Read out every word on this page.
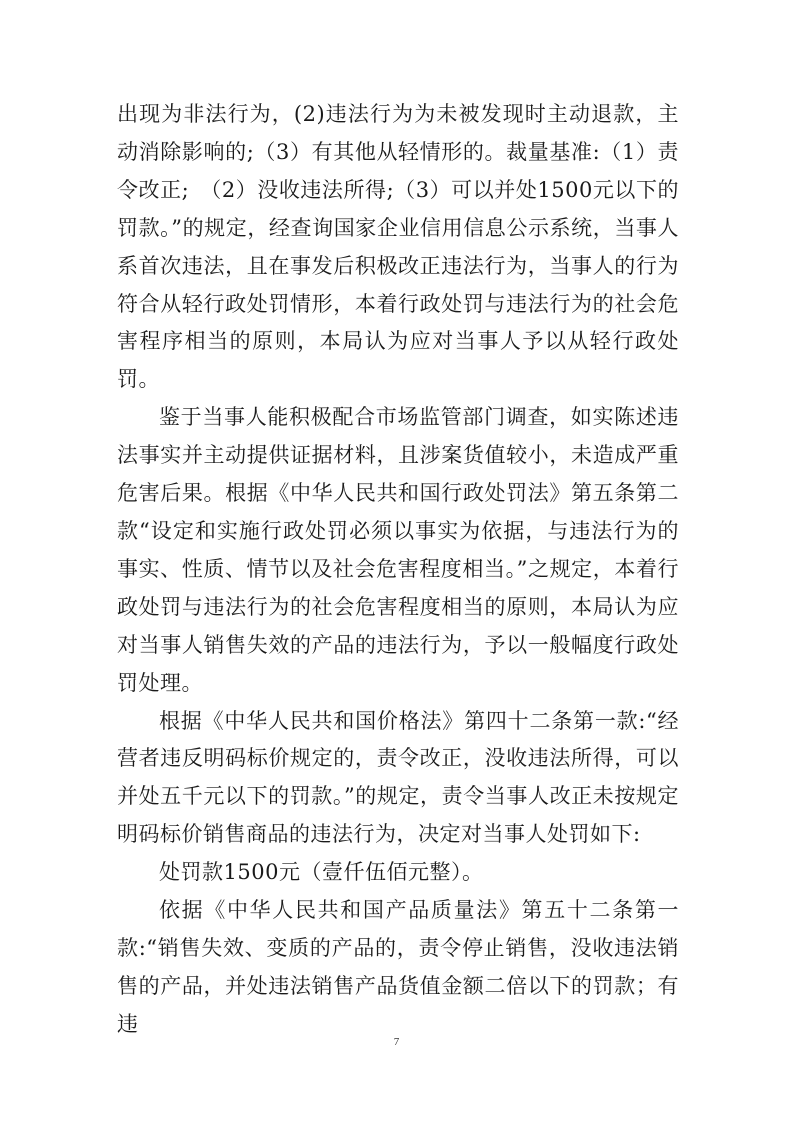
出现为非法行为，(2)违法行为为未被发现时主动退款，主动消除影响的;（3）有其他从轻情形的。裁量基准:（1）责令改正;　（2）没收违法所得;（3）可以并处1500元以下的罚款。”的规定，经查询国家企业信用信息公示系统，当事人系首次违法，且在事发后积极改正违法行为，当事人的行为符合从轻行政处罚情形，本着行政处罚与违法行为的社会危害程序相当的原则，本局认为应对当事人予以从轻行政处罚。

鉴于当事人能积极配合市场监管部门调查，如实陈述违法事实并主动提供证据材料，且涉案货值较小，未造成严重危害后果。根据《中华人民共和国行政处罚法》第五条第二款“设定和实施行政处罚必须以事实为依据，与违法行为的事实、性质、情节以及社会危害程度相当。”之规定，本着行政处罚与违法行为的社会危害程度相当的原则，本局认为应对当事人销售失效的产品的违法行为，予以一般幅度行政处罚处理。

根据《中华人民共和国价格法》第四十二条第一款:“经营者违反明码标价规定的，责令改正，没收违法所得，可以并处五千元以下的罚款。”的规定，责令当事人改正未按规定明码标价销售商品的违法行为，决定对当事人处罚如下:

处罚款1500元（壹仟伍佰元整）。

依据《中华人民共和国产品质量法》第五十二条第一款:“销售失效、变质的产品的，责令停止销售，没收违法销售的产品，并处违法销售产品货值金额二倍以下的罚款；有违

7
